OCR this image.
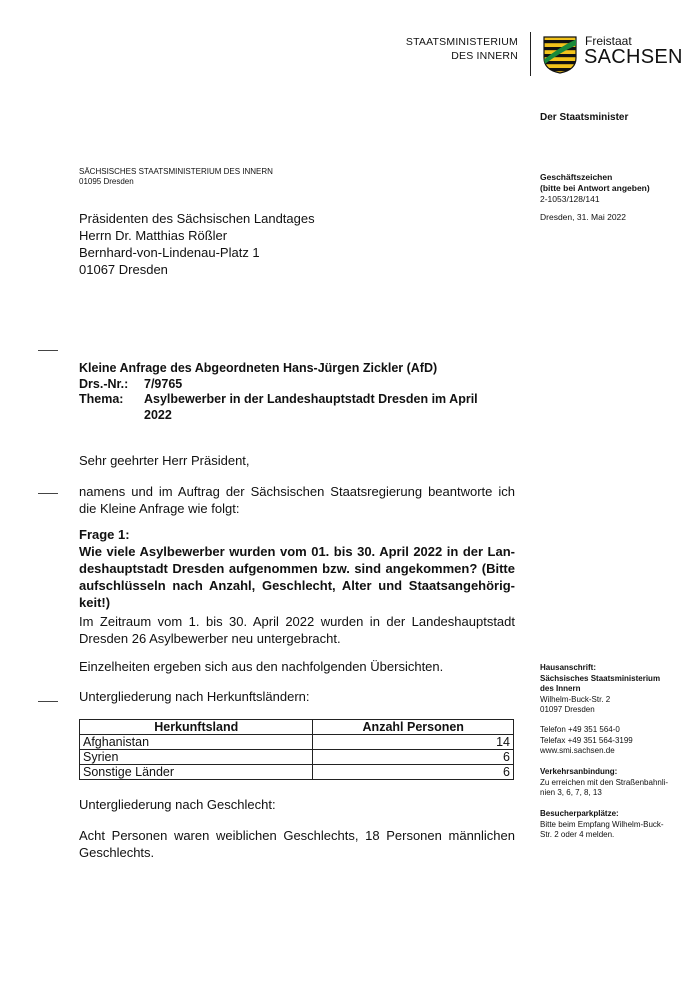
STAATSMINISTERIUM
DES INNERN
Freistaat
SACHSEN
Der Staatsminister
SÄCHSISCHES STAATSMINISTERIUM DES INNERN
01095 Dresden	Geschäftszeichen
(bitte bei Antwort angeben)
2-1053/128/141
Dresden, 31. Mai 2022
Präsidenten des Sächsischen Landtages
Herrn Dr. Matthias Rößler
Bernhard-von-Lindenau-Platz 1
01067 Dresden
Kleine Anfrage des Abgeordneten Hans-Jürgen Zickler (AfD)
Drs.-Nr.:	7/9765
Thema:	Asylbewerber in der Landeshauptstadt Dresden im April
2022
Sehr geehrter Herr Präsident,
namens und im Auftrag der Sächsischen Staatsregierung beantworte ich die Kleine Anfrage wie folgt:
Frage 1:
Wie viele Asylbewerber wurden vom 01. bis 30. April 2022 in der Lan- deshauptstadt Dresden aufgenommen bzw. sind angekommen? (Bitte aufschlüsseln nach Anzahl, Geschlecht, Alter und Staatsangehörig- keit!)
Im Zeitraum vom 1. bis 30. April 2022 wurden in der Landeshauptstadt Dresden 26 Asylbewerber neu untergebracht.
Einzelheiten ergeben sich aus den nachfolgenden Übersichten.
Untergliederung nach Herkunftsländern:
Herkunftsland	Anzahl Personen
Afghanistan	14
Syrien	6
Sonstige Länder	6
Untergliederung nach Geschlecht:
Acht Personen waren weiblichen Geschlechts, 18 Personen männlichen Geschlechts.
Hausanschrift:
Sächsisches Staatsministerium
des Innern
Wilhelm-Buck-Str. 2
01097 Dresden
Telefon +49 351 564-0
Telefax +49 351 564-3199
www.smi.sachsen.de
Verkehrsanbindung:
Zu erreichen mit den Straßenbahnli-
nien 3, 6, 7, 8, 13
Besucherparkplätze:
Bitte beim Empfang Wilhelm-Buck-
Str. 2 oder 4 melden.
